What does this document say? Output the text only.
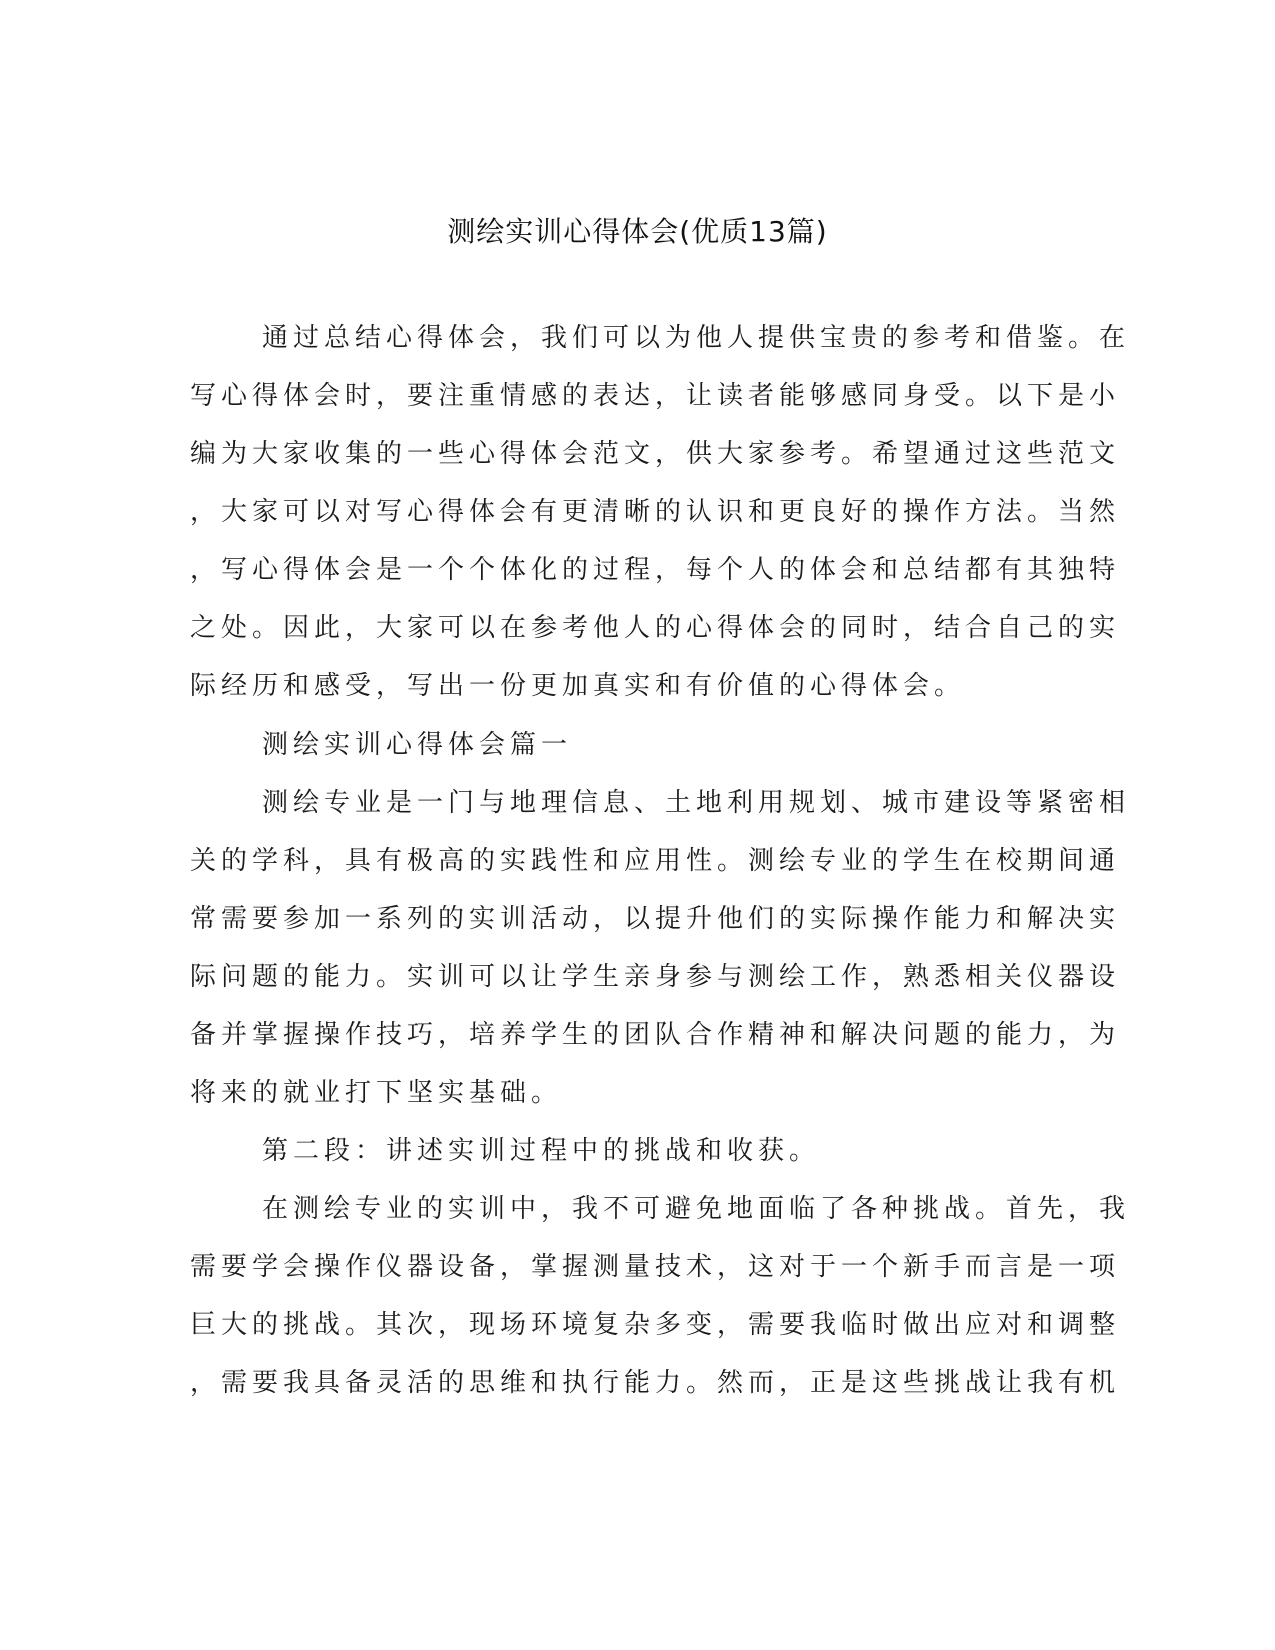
测绘实训心得体会(优质13篇)
通过总结心得体会，我们可以为他人提供宝贵的参考和借鉴。在
写心得体会时，要注重情感的表达，让读者能够感同身受。以下是小
编为大家收集的一些心得体会范文，供大家参考。希望通过这些范文
，大家可以对写心得体会有更清晰的认识和更良好的操作方法。当然
，写心得体会是一个个体化的过程，每个人的体会和总结都有其独特
之处。因此，大家可以在参考他人的心得体会的同时，结合自己的实
际经历和感受，写出一份更加真实和有价值的心得体会。
测绘实训心得体会篇一
测绘专业是一门与地理信息、土地利用规划、城市建设等紧密相
关的学科，具有极高的实践性和应用性。测绘专业的学生在校期间通
常需要参加一系列的实训活动，以提升他们的实际操作能力和解决实
际问题的能力。实训可以让学生亲身参与测绘工作，熟悉相关仪器设
备并掌握操作技巧，培养学生的团队合作精神和解决问题的能力，为
将来的就业打下坚实基础。
第二段：讲述实训过程中的挑战和收获。
在测绘专业的实训中，我不可避免地面临了各种挑战。首先，我
需要学会操作仪器设备，掌握测量技术，这对于一个新手而言是一项
巨大的挑战。其次，现场环境复杂多变，需要我临时做出应对和调整
，需要我具备灵活的思维和执行能力。然而，正是这些挑战让我有机
